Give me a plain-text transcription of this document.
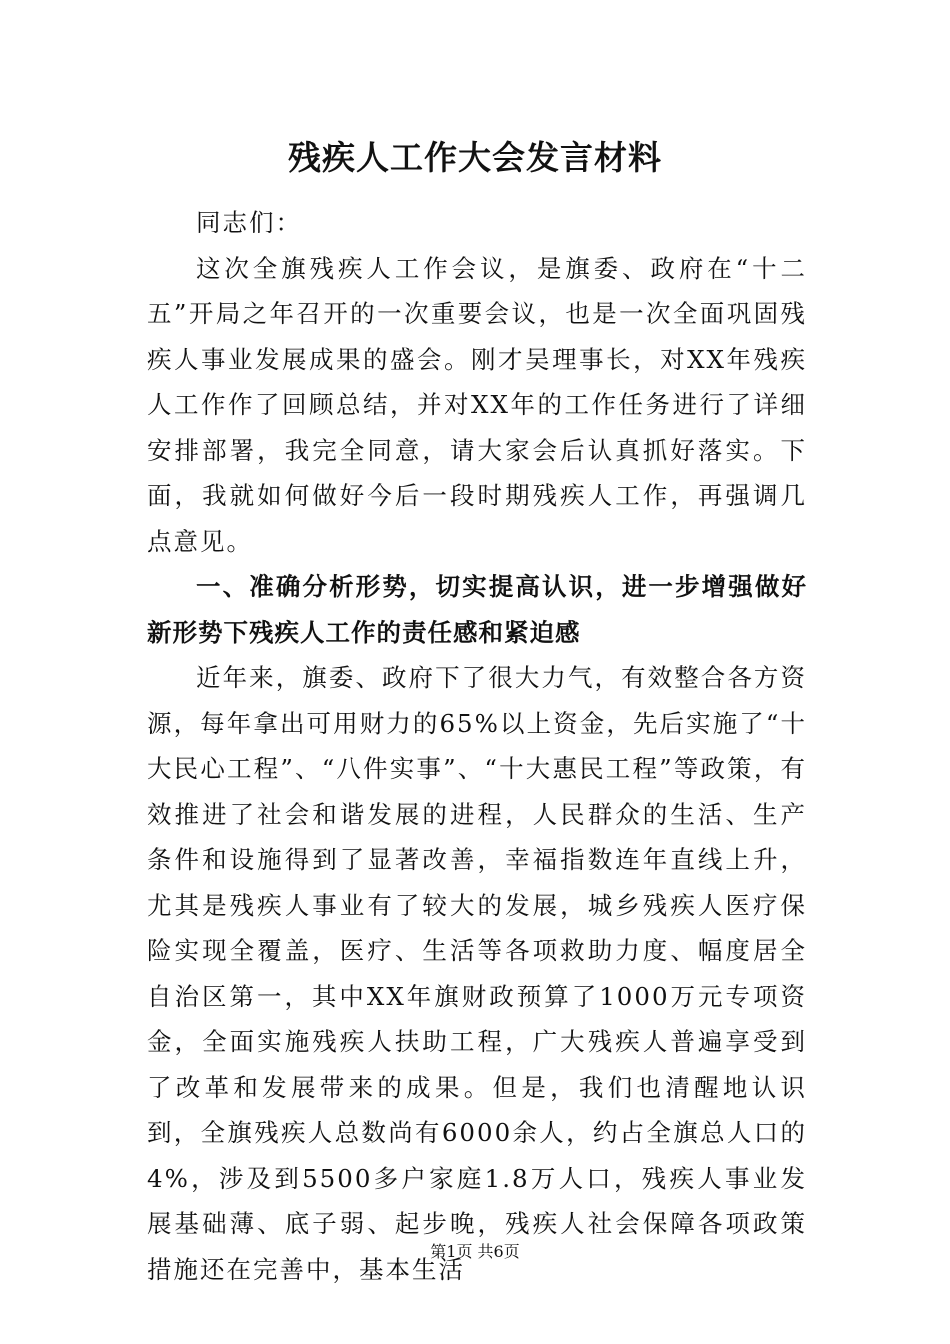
残疾人工作大会发言材料

同志们：

这次全旗残疾人工作会议，是旗委、政府在“十二五”开局之年召开的一次重要会议，也是一次全面巩固残疾人事业发展成果的盛会。刚才吴理事长，对XX年残疾人工作作了回顾总结，并对XX年的工作任务进行了详细安排部署，我完全同意，请大家会后认真抓好落实。下面，我就如何做好今后一段时期残疾人工作，再强调几点意见。

一、准确分析形势，切实提高认识，进一步增强做好新形势下残疾人工作的责任感和紧迫感

近年来，旗委、政府下了很大力气，有效整合各方资源，每年拿出可用财力的65%以上资金，先后实施了“十大民心工程”、“八件实事”、“十大惠民工程”等政策，有效推进了社会和谐发展的进程，人民群众的生活、生产条件和设施得到了显著改善，幸福指数连年直线上升，尤其是残疾人事业有了较大的发展，城乡残疾人医疗保险实现全覆盖，医疗、生活等各项救助力度、幅度居全自治区第一，其中XX年旗财政预算了1000万元专项资金，全面实施残疾人扶助工程，广大残疾人普遍享受到了改革和发展带来的成果。但是，我们也清醒地认识到，全旗残疾人总数尚有6000余人，约占全旗总人口的4%，涉及到5500多户家庭1.8万人口，残疾人事业发展基础薄、底子弱、起步晚，残疾人社会保障各项政策措施还在完善中，基本生活

第1页 共6页
